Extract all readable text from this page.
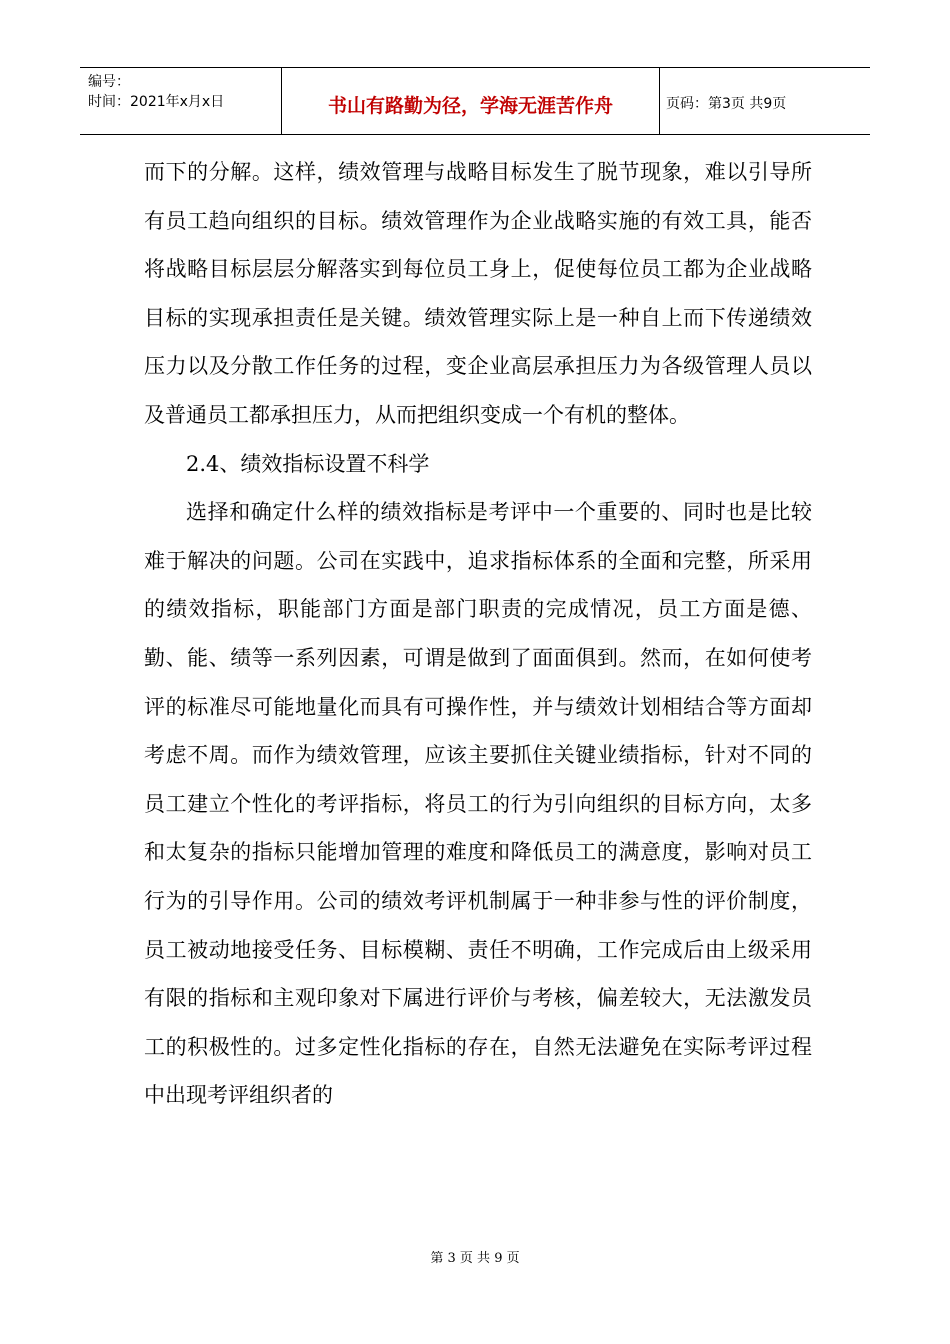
编号：
时间：2021年x月x日	书山有路勤为径，学海无涯苦作舟	页码：第3页 共9页

而下的分解。这样，绩效管理与战略目标发生了脱节现象，难以引导所有员工趋向组织的目标。绩效管理作为企业战略实施的有效工具，能否将战略目标层层分解落实到每位员工身上，促使每位员工都为企业战略目标的实现承担责任是关键。绩效管理实际上是一种自上而下传递绩效压力以及分散工作任务的过程，变企业高层承担压力为各级管理人员以及普通员工都承担压力，从而把组织变成一个有机的整体。

2.4、绩效指标设置不科学

选择和确定什么样的绩效指标是考评中一个重要的、同时也是比较难于解决的问题。公司在实践中，追求指标体系的全面和完整，所采用的绩效指标，职能部门方面是部门职责的完成情况，员工方面是德、勤、能、绩等一系列因素，可谓是做到了面面俱到。然而，在如何使考评的标准尽可能地量化而具有可操作性，并与绩效计划相结合等方面却考虑不周。而作为绩效管理，应该主要抓住关键业绩指标，针对不同的员工建立个性化的考评指标，将员工的行为引向组织的目标方向，太多和太复杂的指标只能增加管理的难度和降低员工的满意度，影响对员工行为的引导作用。公司的绩效考评机制属于一种非参与性的评价制度，员工被动地接受任务、目标模糊、责任不明确，工作完成后由上级采用有限的指标和主观印象对下属进行评价与考核，偏差较大，无法激发员工的积极性的。过多定性化指标的存在，自然无法避免在实际考评过程中出现考评组织者的

第 3 页 共 9 页
